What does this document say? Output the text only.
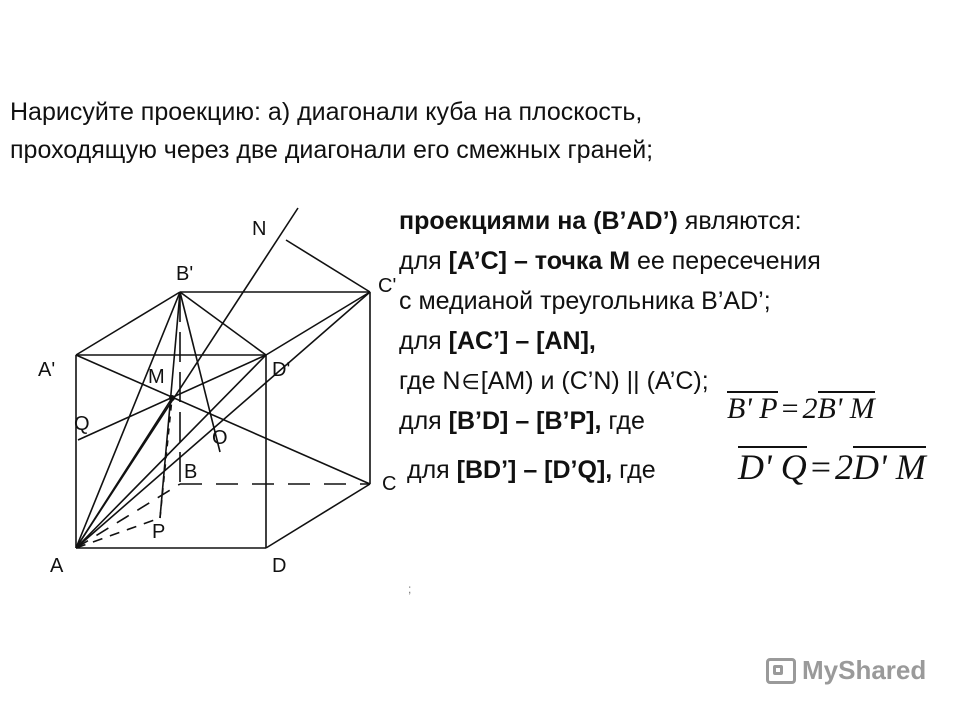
Нарисуйте проекцию: а) диагонали куба на плоскость,
проходящую через две диагонали его смежных граней;
N
B'
C'
A'	M	D'
Q
O
B
C
P
A	D
проекциями на (B’AD’) являются:
для [A’C] – точка M ее пересечения
с медианой треугольника B’AD’;
для [AC’] – [AN],
где N∈[AM) и (C’N) || (A’C);
для [B’D] – [B’P], где	B' P = 2B' M
для [BD’] – [D’Q], где D' Q = 2D' M
;
MyShared
